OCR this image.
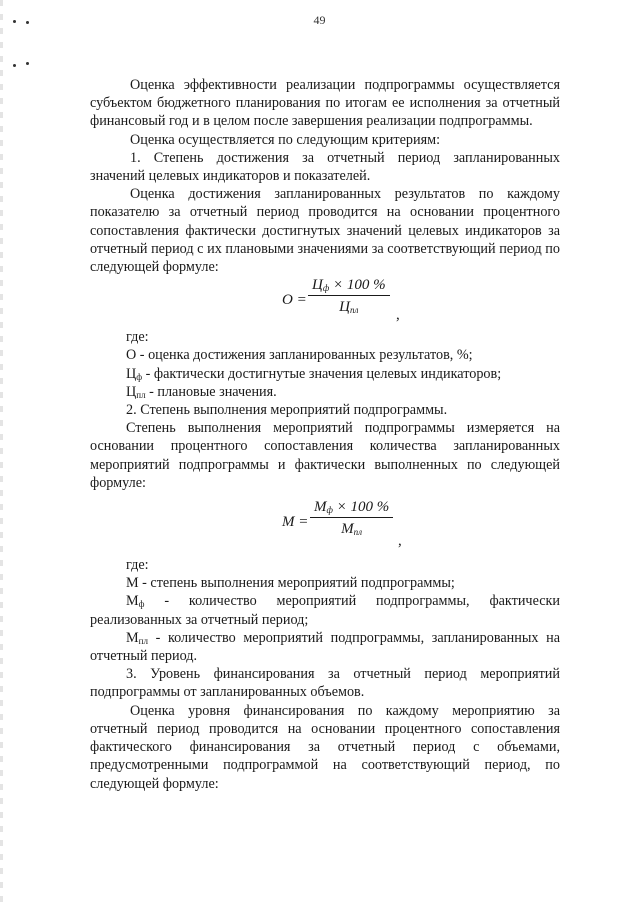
49

Оценка эффективности реализации подпрограммы осуществляется субъектом бюджетного планирования по итогам ее исполнения за отчетный финансовый год и в целом после завершения реализации подпрограммы.

Оценка осуществляется по следующим критериям:

1. Степень достижения за отчетный период запланированных значений целевых индикаторов и показателей.

Оценка достижения запланированных результатов по каждому показателю за отчетный период проводится на основании процентного сопоставления фактически достигнутых значений целевых индикаторов за отчетный период с их плановыми значениями за соответствующий период по следующей формуле:

О =
$Ц_ф \times 100$ %
$Ц_{пл}$	,

где:

О - оценка достижения запланированных результатов, %;

$Ц_ф$ - фактически достигнутые значения целевых индикаторов;

$Ц_{пл}$ - плановые значения.

2. Степень выполнения мероприятий подпрограммы.

Степень выполнения мероприятий подпрограммы измеряется на основании процентного сопоставления количества запланированных мероприятий подпрограммы и фактически выполненных по следующей формуле:

М =
$М_ф \times 100$ %
$М_{пл}$
,

где:

М - степень выполнения мероприятий подпрограммы;

$М_ф$ - количество мероприятий подпрограммы, фактически реализованных за отчетный период;

$М_{пл}$ - количество мероприятий подпрограммы, запланированных на отчетный период.

3. Уровень финансирования за отчетный период мероприятий подпрограммы от запланированных объемов.

Оценка уровня финансирования по каждому мероприятию за отчетный период проводится на основании процентного сопоставления фактического финансирования за отчетный период с объемами, предусмотренными подпрограммой на соответствующий период, по следующей формуле:
